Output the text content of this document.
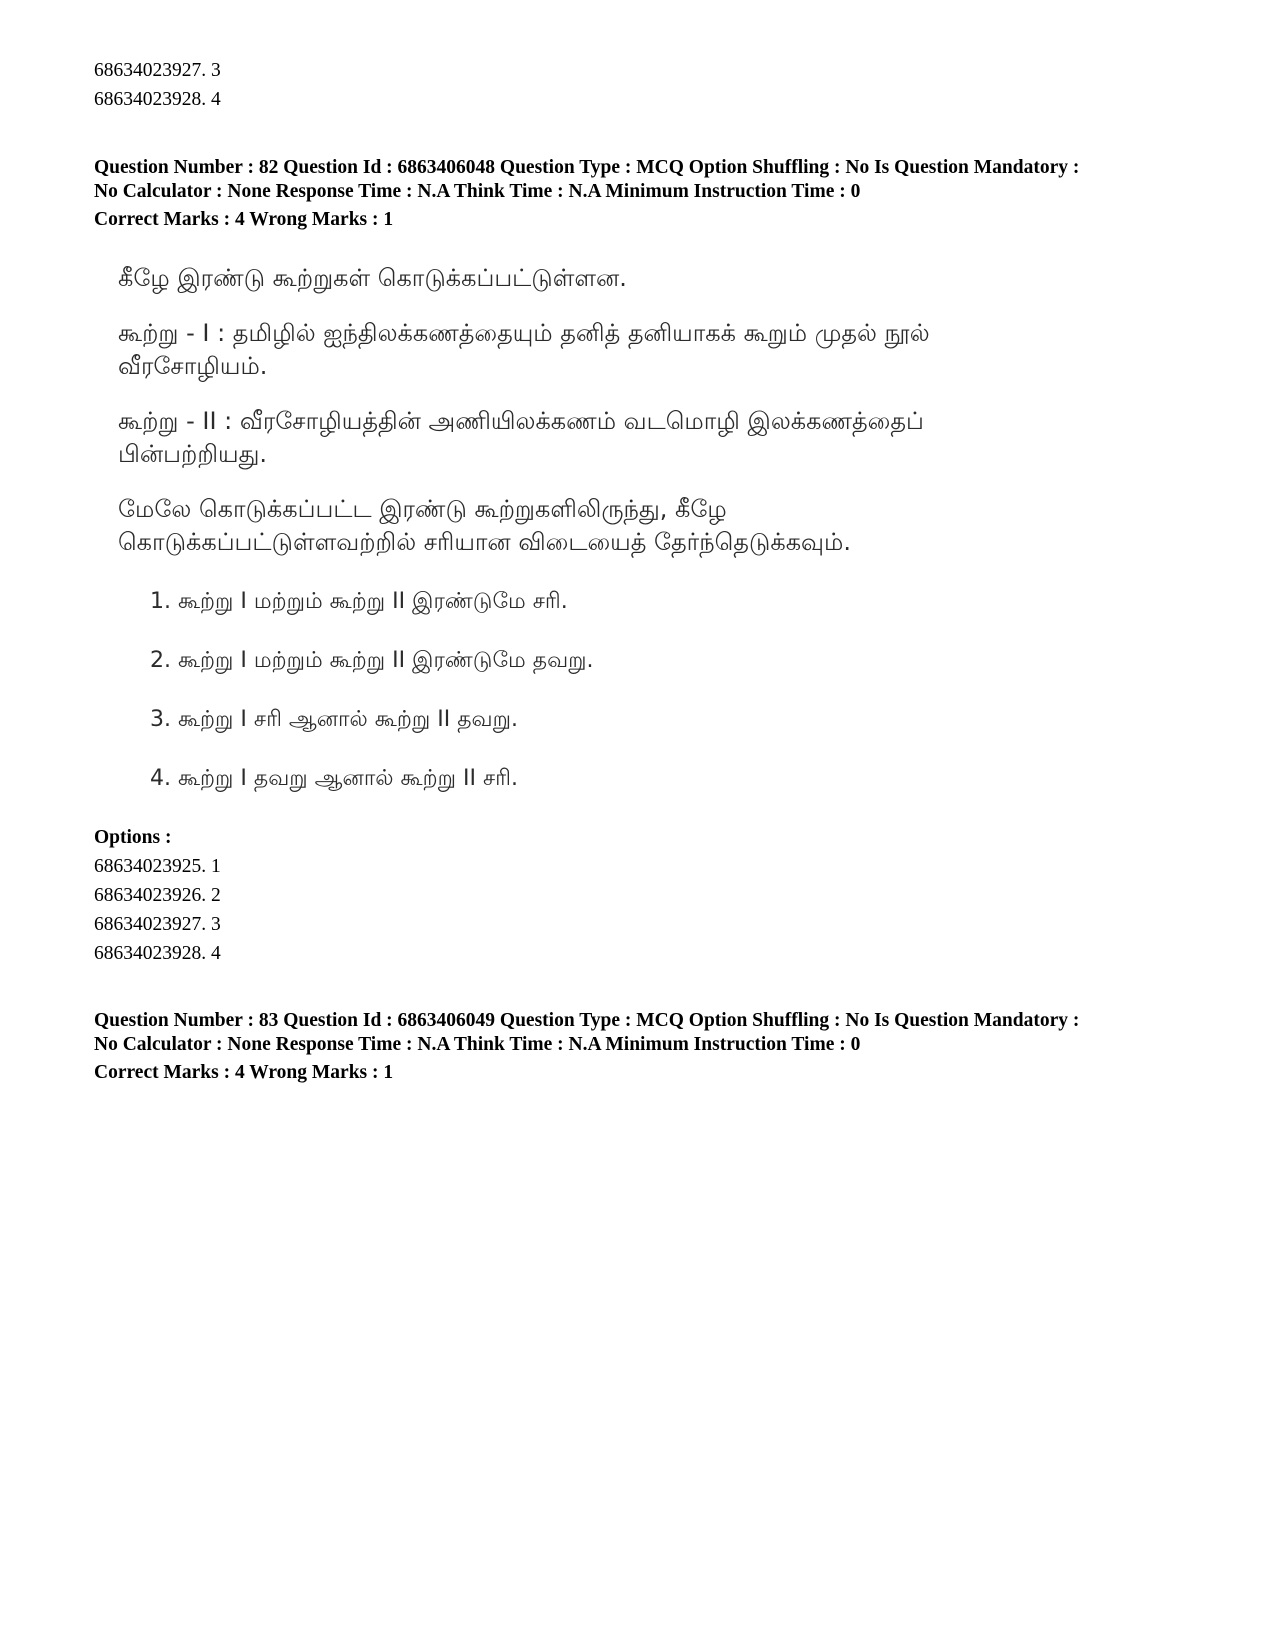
68634023927. 3
68634023928. 4
Question Number : 82 Question Id : 6863406048 Question Type : MCQ Option Shuffling : No Is Question Mandatory :
No Calculator : None Response Time : N.A Think Time : N.A Minimum Instruction Time : 0
Correct Marks : 4 Wrong Marks : 1
கீழே இரண்டு கூற்றுகள் கொடுக்கப்பட்டுள்ளன.
கூற்று - I : தமிழில் ஐந்திலக்கணத்தையும் தனித் தனியாகக் கூறும் முதல் நூல்
வீரசோழியம்.
கூற்று - II : வீரசோழியத்தின் அணியிலக்கணம் வடமொழி இலக்கணத்தைப்
பின்பற்றியது.
மேலே கொடுக்கப்பட்ட இரண்டு கூற்றுகளிலிருந்து, கீழே
கொடுக்கப்பட்டுள்ளவற்றில் சரியான விடையைத் தேர்ந்தெடுக்கவும்.
1. கூற்று I மற்றும் கூற்று II இரண்டுமே சரி.
2. கூற்று I மற்றும் கூற்று II இரண்டுமே தவறு.
3. கூற்று I சரி ஆனால் கூற்று II தவறு.
4. கூற்று I தவறு ஆனால் கூற்று II சரி.
Options :
68634023925. 1
68634023926. 2
68634023927. 3
68634023928. 4
Question Number : 83 Question Id : 6863406049 Question Type : MCQ Option Shuffling : No Is Question Mandatory :
No Calculator : None Response Time : N.A Think Time : N.A Minimum Instruction Time : 0
Correct Marks : 4 Wrong Marks : 1
